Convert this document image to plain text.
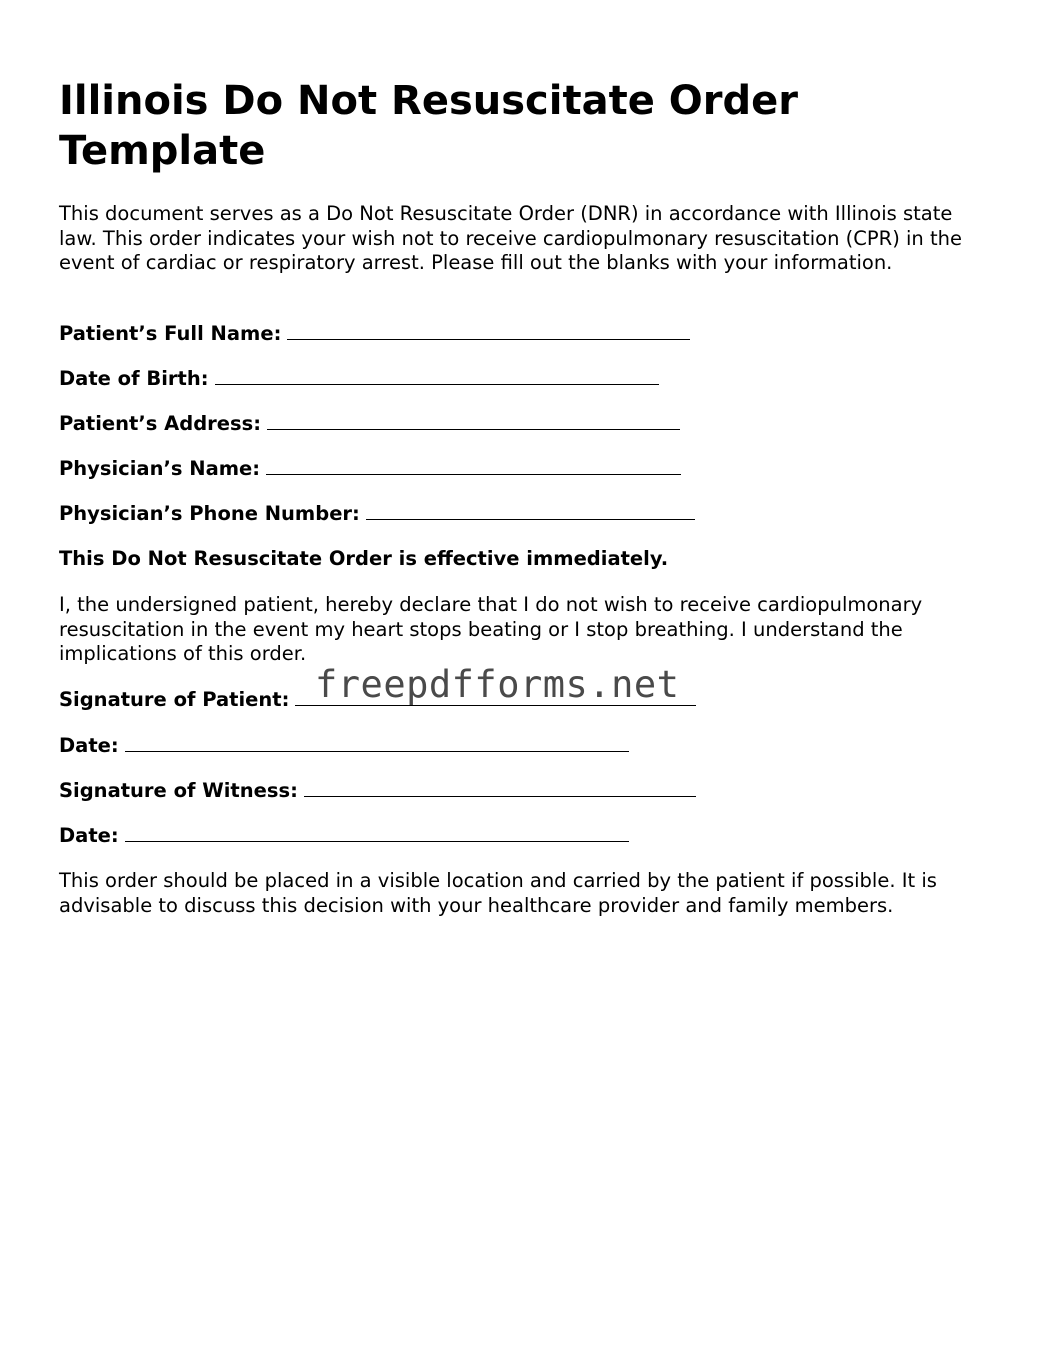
Illinois Do Not Resuscitate Order Template

This document serves as a Do Not Resuscitate Order (DNR) in accordance with Illinois state law. This order indicates your wish not to receive cardiopulmonary resuscitation (CPR) in the event of cardiac or respiratory arrest. Please fill out the blanks with your information.

Patient’s Full Name:
Date of Birth:
Patient’s Address:
Physician’s Name:
Physician’s Phone Number:

This Do Not Resuscitate Order is effective immediately.

I, the undersigned patient, hereby declare that I do not wish to receive cardiopulmonary resuscitation in the event my heart stops beating or I stop breathing. I understand the implications of this order.

Signature of Patient:
Date:
Signature of Witness:
Date:

This order should be placed in a visible location and carried by the patient if possible. It is advisable to discuss this decision with your healthcare provider and family members.

freepdfforms.net
